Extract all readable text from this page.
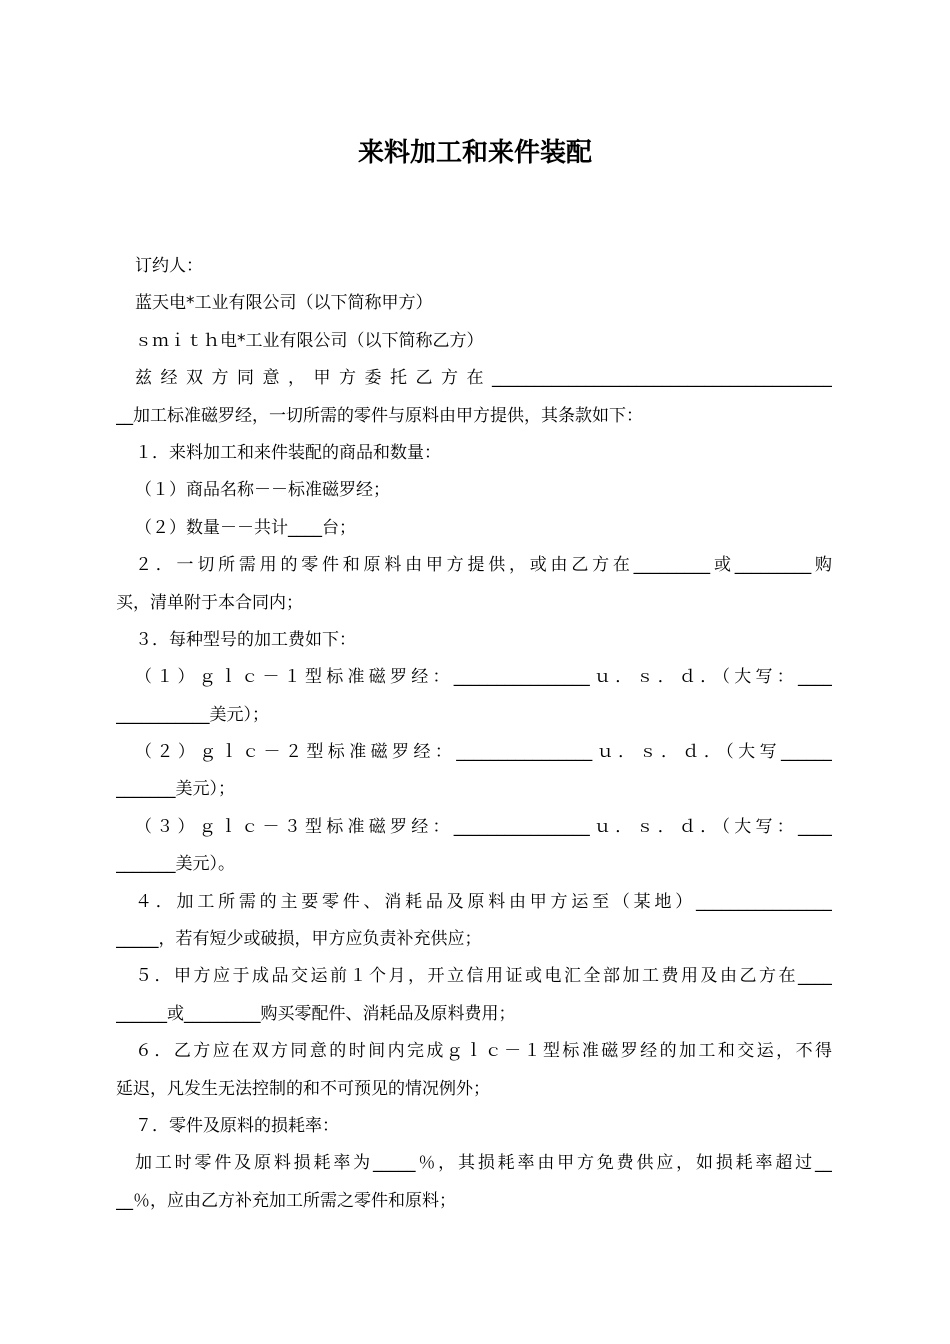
来料加工和来件装配

订约人：

蓝天电*工业有限公司（以下简称甲方）

ｓｍｉｔｈ电*工业有限公司（以下简称乙方）

兹经双方同意，甲方委托乙方在________________________________________

__加工标准磁罗经，一切所需的零件与原料由甲方提供，其条款如下：

１．来料加工和来件装配的商品和数量：

（１）商品名称－－标准磁罗经；

（２）数量－－共计____台；

２．一切所需用的零件和原料由甲方提供，或由乙方在_________或_________购

买，清单附于本合同内；

３．每种型号的加工费如下：

（１）ｇｌｃ－１型标准磁罗经：________________ｕ．ｓ．ｄ．（大写：____

___________美元）；

（２）ｇｌｃ－２型标准磁罗经：________________ｕ．ｓ．ｄ．（大写______

_______美元）；

（３）ｇｌｃ－３型标准磁罗经：________________ｕ．ｓ．ｄ．（大写：____

_______美元）。

４．加工所需的主要零件、消耗品及原料由甲方运至（某地）________________

_____，若有短少或破损，甲方应负责补充供应；

５．甲方应于成品交运前１个月，开立信用证或电汇全部加工费用及由乙方在____

______或_________购买零配件、消耗品及原料费用；

６．乙方应在双方同意的时间内完成ｇｌｃ－１型标准磁罗经的加工和交运，不得

延迟，凡发生无法控制的和不可预见的情况例外；

７．零件及原料的损耗率：

加工时零件及原料损耗率为_____％，其损耗率由甲方免费供应，如损耗率超过__

__％，应由乙方补充加工所需之零件和原料；
